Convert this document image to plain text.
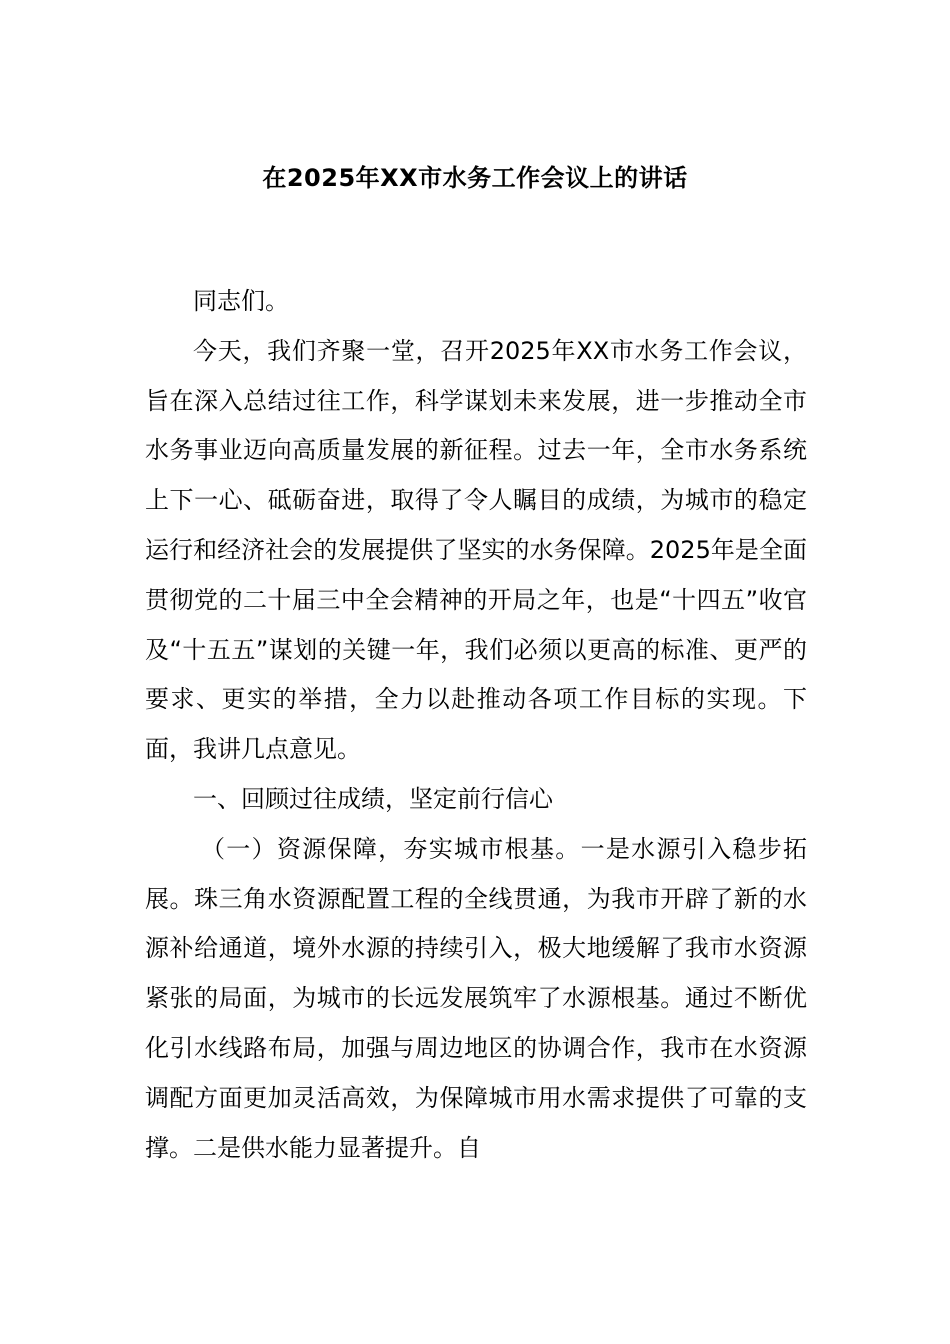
在2025年XX市水务工作会议上的讲话

同志们。

今天，我们齐聚一堂，召开2025年XX市水务工作会议，旨在深入总结过往工作，科学谋划未来发展，进一步推动全市水务事业迈向高质量发展的新征程。过去一年，全市水务系统上下一心、砥砺奋进，取得了令人瞩目的成绩，为城市的稳定运行和经济社会的发展提供了坚实的水务保障。2025年是全面贯彻党的二十届三中全会精神的开局之年，也是“十四五”收官及“十五五”谋划的关键一年，我们必须以更高的标准、更严的要求、更实的举措，全力以赴推动各项工作目标的实现。下面，我讲几点意见。

一、回顾过往成绩，坚定前行信心

（一）资源保障，夯实城市根基。一是水源引入稳步拓展。珠三角水资源配置工程的全线贯通，为我市开辟了新的水源补给通道，境外水源的持续引入，极大地缓解了我市水资源紧张的局面，为城市的长远发展筑牢了水源根基。通过不断优化引水线路布局，加强与周边地区的协调合作，我市在水资源调配方面更加灵活高效，为保障城市用水需求提供了可靠的支撑。二是供水能力显著提升。自
